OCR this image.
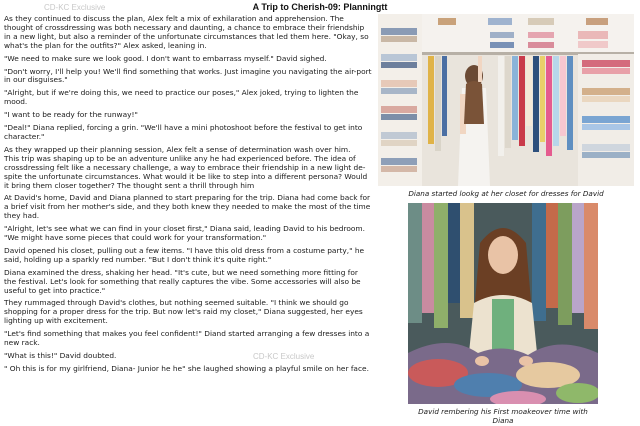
A Trip to Cherish-09: Planningtt
CD-KC Exclusive
CD-KC Exclusive

As they continued to discuss the plan, Alex felt a mix of exhilaration and apprehension. The thought of crossdressing was both necessary and daunting, a chance to embrace their friendship in a new light, but also a reminder of the unfortunate circumstances that led them here. "Okay, so what's the plan for the outfits?" Alex asked, leaning in.

"We need to make sure we look good. I don't want to embarrass myself." David sighed.

"Don't worry, I'll help you! We'll find something that works. Just imagine you navigating the air-port in our disguises."

"Alright, but if we're doing this, we need to practice our poses," Alex joked, trying to lighten the mood.

"I want to be ready for the runway!"

"Deal!" Diana replied, forcing a grin. "We'll have a mini photoshoot before the festival to get into character."

As they wrapped up their planning session, Alex felt a sense of determination wash over him.

This trip was shaping up to be an adventure unlike any he had experienced before. The idea of crossdressing felt like a necessary challenge, a way to embrace their friendship in a new light de-spite the unfortunate circumstances. What would it be like to step into a different persona? Would it bring them closer together? The thought sent a thrill through him

At David's home, David and Diana planned to start preparing for the trip. Diana had come back for a brief visit from her mother's side, and they both knew they needed to make the most of the time they had.

"Alright, let's see what we can find in your closet first," Diana said, leading David to his bedroom. "We might have some pieces that could work for your transformation."

David opened his closet, pulling out a few items. "I have this old dress from a costume party," he said, holding up a sparkly red number. "But I don't think it's quite right."

Diana examined the dress, shaking her head. "It's cute, but we need something more fitting for the festival. Let's look for something that really captures the vibe. Some accessories will also be useful to get into practice."

They rummaged through David's clothes, but nothing seemed suitable. "I think we should go shopping for a proper dress for the trip. But now let's raid my closet," Diana suggested, her eyes lighting up with excitement.

"Let's find something that makes you feel confident!" Diand started arranging a few dresses into a new rack.

"What is this!" David doubted.

" Oh this is for my girlfriend, Diana- Junior he he" she laughed showing a playful smile on her face.

Diana started lookg at her closet for dresses for David
David rembering his First moakeover time with Diana
